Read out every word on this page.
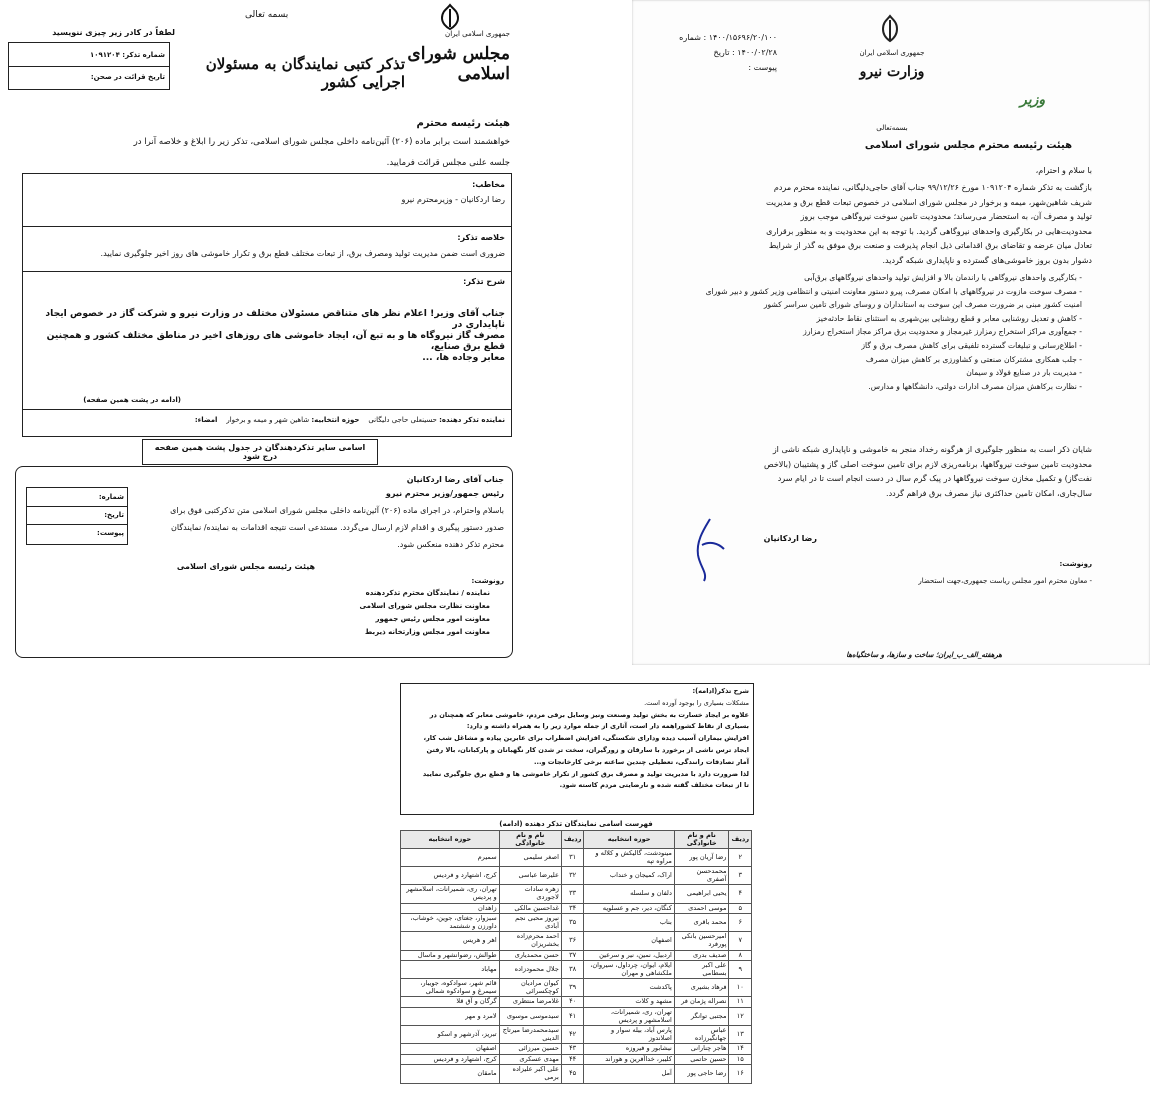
بسمه تعالی
لطفاً در کادر زیر چیزی ننویسید	جمهوری اسلامی ایران
مجلس شورای اسلامی
تذکر کتبی نمایندگان به مسئولان اجرایی کشور
شماره تذکر: ۱۰۹۱۲۰۴
تاریخ قرائت در صحن:
هیئت رئیسه محترم
خواهشمند است برابر ماده (۲۰۶) آئین‌نامه داخلی مجلس شورای اسلامی، تذکر زیر را ابلاغ و خلاصه آنرا در
جلسه علنی مجلس قرائت فرمایید.
مخاطب:
رضا اردکانیان - وزیرمحترم نیرو
خلاصه تذکر:
ضروری است ضمن مدیریت تولید ومصرف برق، از تبعات مختلف قطع برق و تکرار خاموشی های روز اخیر جلوگیری نمایید.
شرح تذکر:
جناب آقای وزیر! اعلام نظر های متناقض مسئولان مختلف در وزارت نیرو و شرکت گاز در خصوص ایجاد ناپایداری در
مصرف گاز نیروگاه ها و به تبع آن، ایجاد خاموشی های روزهای اخیر در مناطق مختلف کشور و همچنین قطع برق صنایع،
معابر وجاده ها، ...
(ادامه در پشت همین صفحه)
نماینده تذکر دهنده: حسینعلی حاجی دلیگانی    حوزه انتخابیه: شاهین شهر و میمه و برخوار    امضاء:
اسامی سایر تذکردهندگان در جدول پشت همین صفحه درج شود
جناب آقای رضا اردکانیان
رئیس جمهور/وزیر محترم نیرو
باسلام واحترام، در اجرای ماده (۲۰۶) آئین‌نامه داخلی مجلس شورای اسلامی متن تذکرکتبی فوق برای
صدور دستور پیگیری و اقدام لازم ارسال می‌گردد. مستدعی است نتیجه اقدامات به نماینده/ نمایندگان
محترم تذکر دهنده منعکس شود.
هیئت رئیسه مجلس شورای اسلامی
رونوشت:
نماینده / نمایندگان محترم تذکردهنده
معاونت نظارت مجلس شورای اسلامی
معاونت امور مجلس رئیس جمهور
معاونت امور مجلس وزارتخانه ذیربط
شماره:
تاریخ:
پیوست:
جمهوری اسلامی ایران
وزارت نیرو
وزیر
۱۴۰۰/۱۵۶۹۶/۲۰/۱۰۰ : شماره
۱۴۰۰/۰۲/۲۸ : تاریخ
پیوست :
بسمه‌تعالی
هیئت رئیسه محترم مجلس شورای اسلامی
با سلام و احترام،
بازگشت به تذکر شماره ۱۰۹۱۲۰۴ مورخ ۹۹/۱۲/۲۶ جناب آقای حاجی‌دلیگانی، نماینده محترم مردم
شریف شاهین‌شهر، میمه و برخوار در مجلس شورای اسلامی در خصوص تبعات قطع برق و مدیریت
تولید و مصرف آن، به استحضار می‌رساند؛ محدودیت تامین سوخت نیروگاهی موجب بروز
محدودیت‌هایی در بکارگیری واحدهای نیروگاهی گردید. با توجه به این محدودیت و به منظور برقراری
تعادل میان عرضه و تقاضای برق اقداماتی ذیل انجام پذیرفت و صنعت برق موفق به گذر از شرایط
دشوار بدون بروز خاموشی‌های گسترده و ناپایداری شبکه گردید.
- بکارگیری واحدهای نیروگاهی با راندمان بالا و افزایش تولید واحدهای نیروگاههای برق‌آبی
- مصرف سوخت مازوت در نیروگاههای با امکان مصرف، پیرو دستور معاونت امنیتی و انتظامی وزیر کشور و دبیر شورای امنیت کشور مبنی بر ضرورت مصرف این سوخت به استانداران و روسای شورای تامین سراسر کشور
- کاهش و تعدیل روشنایی معابر و قطع روشنایی بین‌شهری به استثنای نقاط حادثه‌خیز
- جمع‌آوری مراکز استخراج رمزارز غیرمجاز و محدودیت برق مراکز مجاز استخراج رمزارز
- اطلاع‌رسانی و تبلیغات گسترده تلفیقی برای کاهش مصرف برق و گاز
- جلب همکاری مشترکان صنعتی و کشاورزی بر کاهش میزان مصرف
- مدیریت بار در صنایع فولاد و سیمان
- نظارت برکاهش میزان مصرف ادارات دولتی، دانشگاهها و مدارس.
شایان ذکر است به منظور جلوگیری از هرگونه رخداد منجر به خاموشی و ناپایداری شبکه ناشی از
محدودیت تامین سوخت نیروگاهها، برنامه‌ریزی لازم برای تامین سوخت اصلی گاز و پشتیبان (بالاخص
نفت‌گاز) و تکمیل مخازن سوخت نیروگاهها در پیک گرم سال در دست انجام است تا در ایام سرد
سال‌جاری، امکان تامین حداکثری نیاز مصرف برق فراهم گردد.
رضا اردکانیان
رونوشت:
- معاون محترم امور مجلس ریاست جمهوری،جهت استحضار
هرهفته_الف_ب_ایران؛ ساخت و سازها، و ساختگیاه‌ها
شرح تذکر(ادامه):
مشکلات بسیاری را بوجود آورده است.
علاوه بر ایجاد خسارت به بخش تولید وصنعت ونیز وسایل برقی مردم، خاموشی معابر که همچنان در
بسیاری از نقاط کشوراهمه دار است، آثاری از جمله موارد زیر را به همراه داشته و دارد:
افزایش بیماران آسیب دیده ودارای شکستگی، افزایش اضطراب برای عابرین پیاده و مشاغل شب کار،
ایجاد ترس ناشی از برخورد با سارقان و زورگیران، سخت تر شدن کار نگهبانان و پارکبانان، بالا رفتن
آمار تصادفات رانندگی، تعطیلی چندین ساعته برخی کارخانجات و...
لذا ضرورت دارد با مدیریت تولید و مصرف برق کشور از تکرار خاموشی ها و قطع برق جلوگیری نمایید
تا از تبعات مختلف گفته شده و نارضایتی مردم کاسته شود.
فهرست اسامی نمایندگان تذکر دهنده (ادامه)
ردیف	نام و نام خانوادگی	حوزه انتخابیه	ردیف	نام و نام خانوادگی	حوزه انتخابیه
۲	رضا آریان پور	مینودشت، گالیکش و کلاله و مراوه تپه	۳۱	اصغر سلیمی	سمیرم
۳	محمدحسن آصفری	اراک، کمیجان و خنداب	۳۲	علیرضا عباسی	کرج، اشتهارد و فردیس
۴	یحیی ابراهیمی	دلفان و سلسله	۳۳	زهره سادات لاجوردی	تهران، ری، شمیرانات، اسلامشهر و پردیس
۵	موسی احمدی	کنگان، دیر، جم و عسلویه	۳۴	غداحسین مالکی	زاهدان
۶	محمد باقری	بناب	۳۵	نیروز محبی نجم آبادی	سبزوار، جغتای، جوین، خوشاب، داورزن و ششتمد
۷	امیرحسین بانکی پورفرد	اصفهان	۳۶	احمد محرم‌زاده بخشریزان	اهر و هریس
۸	صدیف بدری	اردبیل، نمین، نیر و سرعین	۳۷	حسن محمدیاری	طوالش، رضوانشهر و ماسال
۹	علی اکبر بسطامی	ایلام، ایوان، چرداول، سیروان، ملکشاهی و مهران	۳۸	جلال محمودزاده	مهاباد
۱۰	فرهاد بشیری	پاکدشت	۳۹	کیوان مرادیان کوچکسرائی	قائم شهر، سوادکوه، جویبار، سیمرغ و سوادکوه شمالی
۱۱	نصراله پژمان فر	مشهد و کلات	۴۰	غلامرضا منتظری	گرگان و آق قلا
۱۲	مجتبی توانگر	تهران، ری، شمیرانات، اسلامشهر و پردیس	۴۱	سیدموسی موسوی	لامرد و مهر
۱۳	عباس جهانگیرزاده	پارس آباد، بیله سوار و اصلاندوز	۴۲	سیدمحمدرضا میرتاج الدینی	تبریز، آذرشهر و اسکو
۱۴	هاجر چنارانی	نیشابور و فیروزه	۴۳	حسین میرزائی	اصفهان
۱۵	حسین حاتمی	کلیبر، خداآفرین و هوراند	۴۴	مهدی عسکری	کرج، اشتهارد و فردیس
۱۶	رضا حاجی پور	آمل	۴۵	علی اکبر علیزاده برمی	مامقان
